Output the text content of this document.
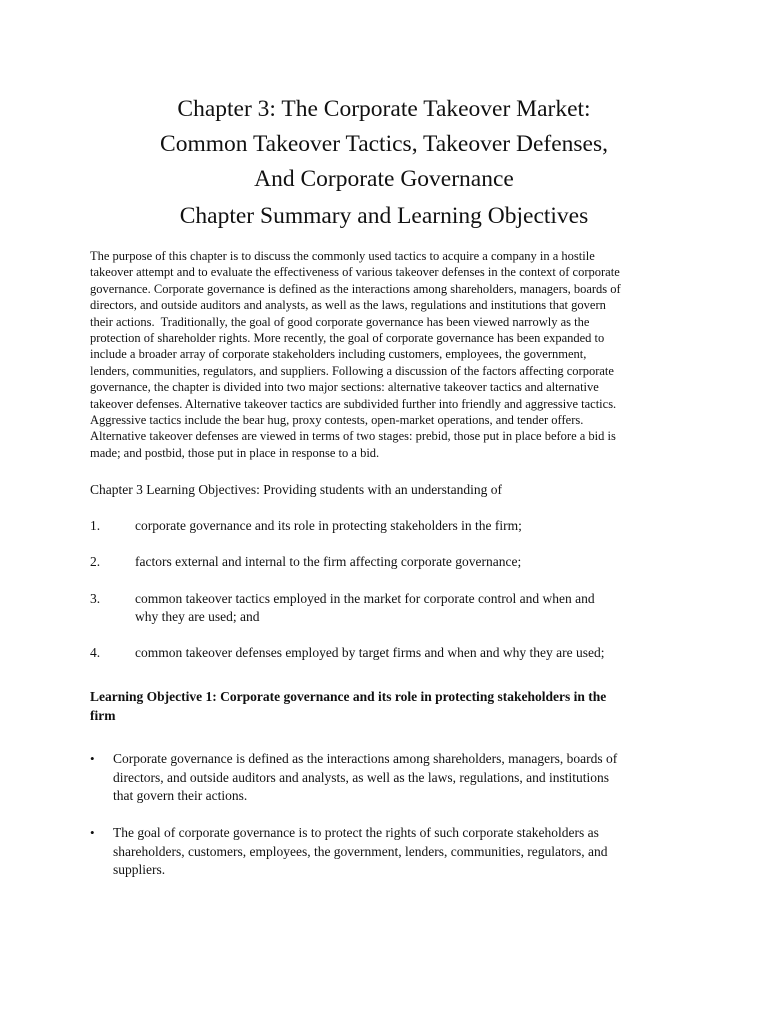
Chapter 3: The Corporate Takeover Market:
Common Takeover Tactics, Takeover Defenses,
And Corporate Governance
Chapter Summary and Learning Objectives

The purpose of this chapter is to discuss the commonly used tactics to acquire a company in a hostile
takeover attempt and to evaluate the effectiveness of various takeover defenses in the context of corporate
governance. Corporate governance is defined as the interactions among shareholders, managers, boards of
directors, and outside auditors and analysts, as well as the laws, regulations and institutions that govern
their actions.  Traditionally, the goal of good corporate governance has been viewed narrowly as the
protection of shareholder rights. More recently, the goal of corporate governance has been expanded to
include a broader array of corporate stakeholders including customers, employees, the government,
lenders, communities, regulators, and suppliers. Following a discussion of the factors affecting corporate
governance, the chapter is divided into two major sections: alternative takeover tactics and alternative
takeover defenses. Alternative takeover tactics are subdivided further into friendly and aggressive tactics.
Aggressive tactics include the bear hug, proxy contests, open-market operations, and tender offers.
Alternative takeover defenses are viewed in terms of two stages: prebid, those put in place before a bid is
made; and postbid, those put in place in response to a bid.

Chapter 3 Learning Objectives: Providing students with an understanding of

1.	corporate governance and its role in protecting stakeholders in the firm;
2.	factors external and internal to the firm affecting corporate governance;
3.	common takeover tactics employed in the market for corporate control and when and
why they are used; and
4.	common takeover defenses employed by target firms and when and why they are used;
Learning Objective 1: Corporate governance and its role in protecting stakeholders in the
firm
• Corporate governance is defined as the interactions among shareholders, managers, boards of
directors, and outside auditors and analysts, as well as the laws, regulations, and institutions
that govern their actions.
• The goal of corporate governance is to protect the rights of such corporate stakeholders as
shareholders, customers, employees, the government, lenders, communities, regulators, and
suppliers.
